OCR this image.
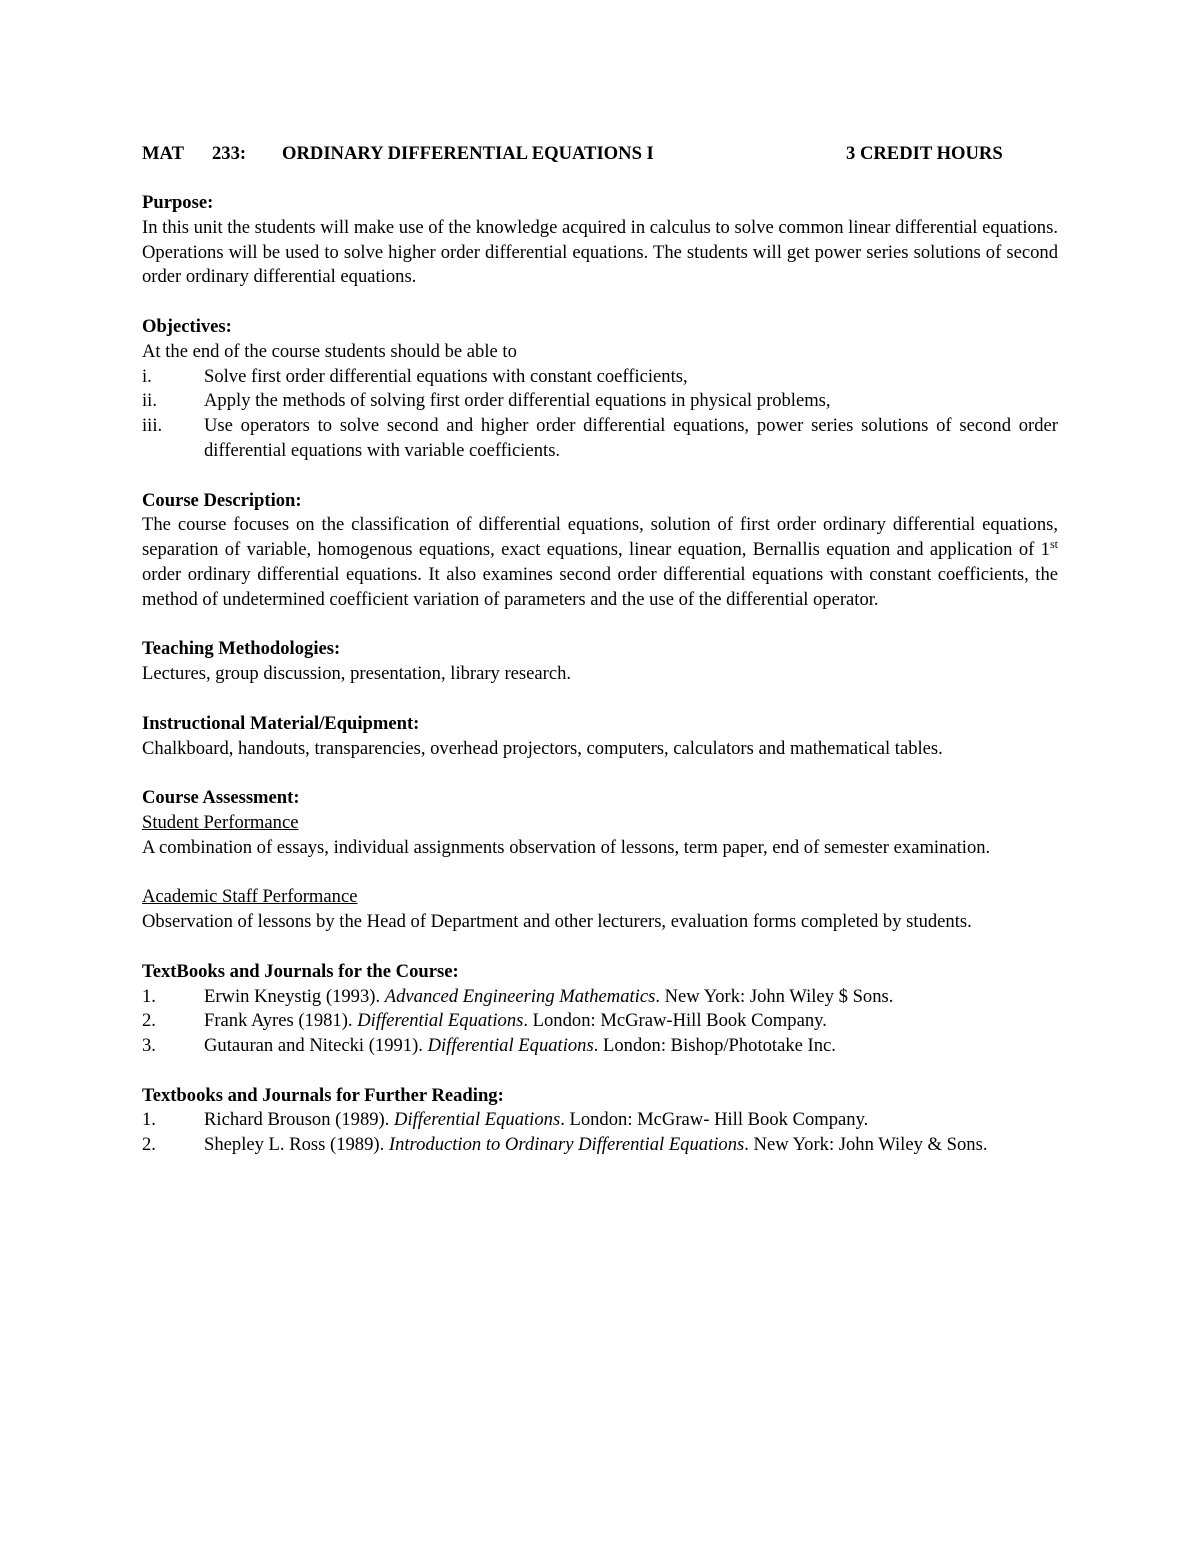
MAT	233:	ORDINARY DIFFERENTIAL EQUATIONS I	3 CREDIT HOURS
Purpose:
In this unit the students will make use of the knowledge acquired in calculus to solve common linear differential equations. Operations will be used to solve higher order differential equations. The students will get power series solutions of second order ordinary differential equations.
Objectives:
At the end of the course students should be able to
i.	Solve first order differential equations with constant coefficients,
ii.	Apply the methods of solving first order differential equations in physical problems,
iii.	Use operators to solve second and higher order differential equations, power series solutions of second order differential equations with variable coefficients.
Course Description:
The course focuses on the classification of differential equations, solution of first order ordinary differential equations, separation of variable, homogenous equations, exact equations, linear equation, Bernallis equation and application of 1st order ordinary differential equations. It also examines second order differential equations with constant coefficients, the method of undetermined coefficient variation of parameters and the use of the differential operator.
Teaching Methodologies:
Lectures, group discussion, presentation, library research.
Instructional Material/Equipment:
Chalkboard, handouts, transparencies, overhead projectors, computers, calculators and mathematical tables.
Course Assessment:
Student Performance
A combination of essays, individual assignments observation of lessons, term paper, end of semester examination.
Academic Staff Performance
Observation of lessons by the Head of Department and other lecturers, evaluation forms completed by students.
TextBooks and Journals for the Course:
1.	Erwin Kneystig (1993). Advanced Engineering Mathematics. New York: John Wiley $ Sons.
2.	Frank Ayres (1981). Differential Equations. London: McGraw-Hill Book Company.
3.	Gutauran and Nitecki (1991). Differential Equations. London: Bishop/Phototake Inc.
Textbooks and Journals for Further Reading:
1.	Richard Brouson (1989). Differential Equations. London: McGraw- Hill Book Company.
2.	Shepley L. Ross (1989). Introduction to Ordinary Differential Equations. New York: John Wiley & Sons.
